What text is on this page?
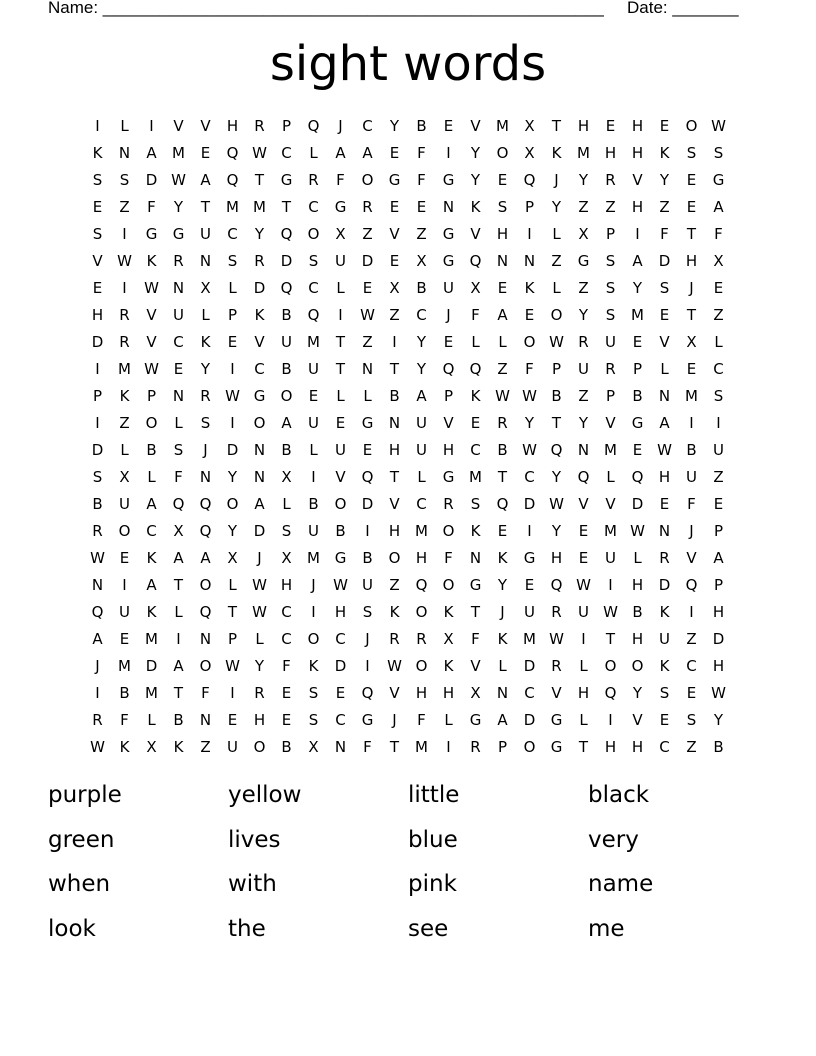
Name: _____________________________________________________ Date: _______
sight words
I	L	I	V	V	H	R	P	Q	J	C	Y	B	E	V	M	X	T	H	E	H	E	O W
K	N	A	M	E	Q W C	L	A	A	E	F	I	Y	O	X	K	M H	H	K	S	S
S	S	D W A	Q	T	G	R	F	O	G	F	G	Y	E	Q	J	Y	R	V	Y	E	G
E	Z	F	Y	T	M M	T	C	G	R	E	E	N	K	S	P	Y	Z	Z	H	Z	E	A
S	I	G	G	U	C	Y	Q	O	X	Z	V	Z	G	V	H	I	L	X	P	I	F	T	F
V W K	R	N	S	R	D	S	U	D	E	X	G	Q	N	N	Z	G	S	A	D	H	X
E	I	W N	X	L	D	Q	C	L	E	X	B	U	X	E	K	L	Z	S	Y	S	J	E
H	R	V	U	L	P	K	B	Q	I	W Z	C	J	F	A	E	O	Y	S	M	E	T	Z
D	R	V	C	K	E	V	U	M	T	Z	I	Y	E	L	L	O W R	U	E	V	X	L
I	M W E	Y	I	C	B	U	T	N	T	Y	Q	Q	Z	F	P	U	R	P	L	E	C
P	K	P	N	R W G	O	E	L	L	B	A	P	K W W B	Z	P	B	N M	S
I	Z	O	L	S	I	O	A	U	E	G	N	U	V	E	R	Y	T	Y	V	G	A	I	I
D	L	B	S	J	D	N	B	L	U	E	H	U	H	C	B W Q	N M	E W B	U
S	X	L	F	N	Y	N	X	I	V	Q	T	L	G M	T	C	Y	Q	L	Q	H	U	Z
B	U	A	Q	Q	O	A	L	B	O	D	V	C	R	S	Q	D W V	V	D	E	F	E
R	O	C	X	Q	Y	D	S	U	B	I	H M O	K	E	I	Y	E	M W N	J	P
W E	K	A	A	X	J	X	M G	B	O	H	F	N	K	G	H	E	U	L	R	V	A
N	I	A	T	O	L	W H	J	W U	Z	Q	O	G	Y	E	Q W	I	H	D	Q	P
Q	U	K	L	Q	T	W C	I	H	S	K	O	K	T	J	U	R	U W B	K	I	H
A	E	M	I	N	P	L	C	O	C	J	R	R	X	F	K	M W	I	T	H	U	Z	D
J	M D	A	O W Y	F	K	D	I	W O	K	V	L	D	R	L	O	O	K	C	H
I	B	M	T	F	I	R	E	S	E	Q	V	H	H	X	N	C	V	H	Q	Y	S	E W
R	F	L	B	N	E	H	E	S	C	G	J	F	L	G	A	D	G	L	I	V	E	S	Y
W K	X	K	Z	U	O	B	X	N	F	T	M	I	R	P	O	G	T	H	H	C	Z	B
purple	yellow	little	black
green	lives	blue	very
when	with	pink	name
look	the	see	me
